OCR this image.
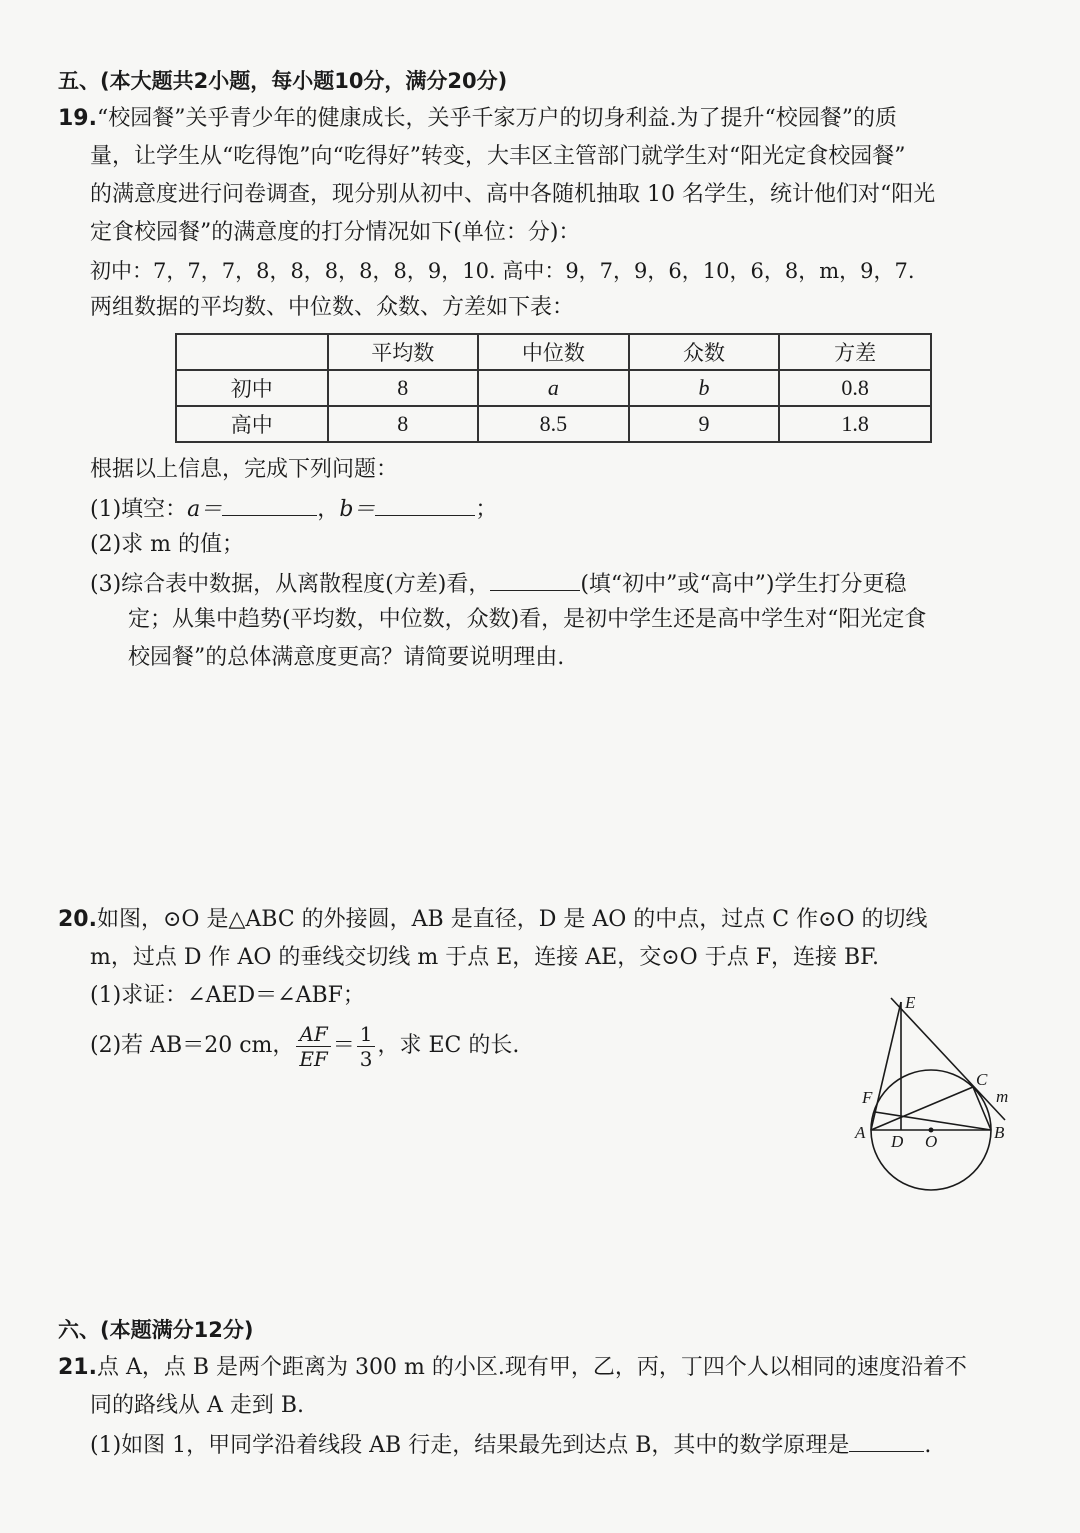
五、(本大题共2小题，每小题10分，满分20分)
19.“校园餐”关乎青少年的健康成长，关乎千家万户的切身利益.为了提升“校园餐”的质
量，让学生从“吃得饱”向“吃得好”转变，大丰区主管部门就学生对“阳光定食校园餐”
的满意度进行问卷调查，现分别从初中、高中各随机抽取 10 名学生，统计他们对“阳光
定食校园餐”的满意度的打分情况如下(单位：分)：
初中：7，7，7，8，8，8，8，8，9，10. 高中：9，7，9，6，10，6，8，m，9，7.
两组数据的平均数、中位数、众数、方差如下表：
	平均数	中位数	众数	方差
初中	8	a	b	0.8
高中	8	8.5	9	1.8
根据以上信息，完成下列问题：
(1)填空：a＝	，b＝	；
(2)求 m 的值；
(3)综合表中数据，从离散程度(方差)看，	(填“初中”或“高中”)学生打分更稳
定；从集中趋势(平均数，中位数，众数)看，是初中学生还是高中学生对“阳光定食
校园餐”的总体满意度更高？请简要说明理由.
20.如图，⊙O 是△ABC 的外接圆，AB 是直径，D 是 AO 的中点，过点 C 作⊙O 的切线
m，过点 D 作 AO 的垂线交切线 m 于点 E，连接 AE，交⊙O 于点 F，连接 BF.
(1)求证：∠AED＝∠ABF；
(2)若 AB＝20 cm， $\frac{AF}{EF} = \frac{1}{3}$ ，求 EC 的长.
E
C
m
F
A D O	B
六、(本题满分12分)
21.点 A，点 B 是两个距离为 300 m 的小区.现有甲，乙，丙，丁四个人以相同的速度沿着不
同的路线从 A 走到 B.
(1)如图 1，甲同学沿着线段 AB 行走，结果最先到达点 B，其中的数学原理是	.
